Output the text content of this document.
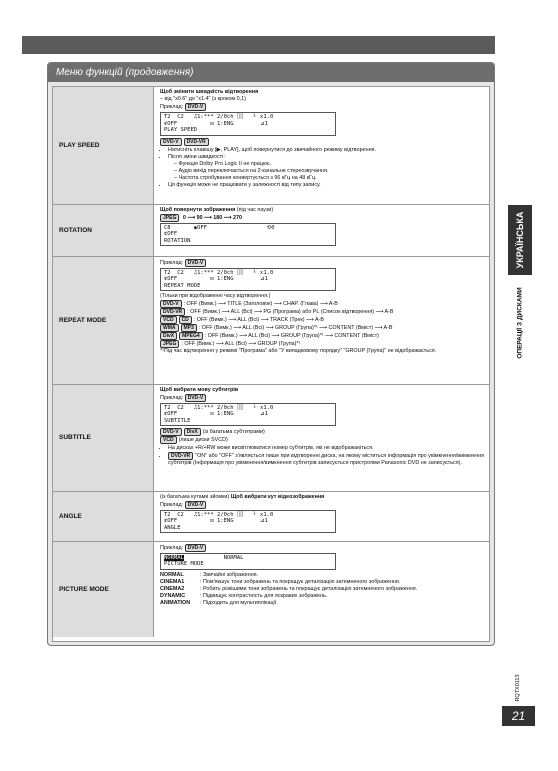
Меню функцій (продовження)
PLAY SPEED	
Щоб змінити швидкість відтворення
– від "x0.6" до "x1.4" (з кроком 0,1)
Приклад: DVD-V
T2  C2   ♫1:*** 2/0ch ⌷⌷   ⅟ x1.0
⊄OFF          ⊡ 1:ENG        ⊿1
PLAY SPEED
DVD-V DVD-VR
• Натисніть клавішу [▶, PLAY], щоб повернутися до звичайного режиму відтворення.
• Після зміни швидкості:
– Функція Dolby Pro Logic II не працює.
– Аудіо вихід переключається на 2-канальне стереозвучання.
– Частота стробування конвертується з 96 кГц на 48 кГц.
• Ця функція може не працювати у залежності від типу запису.

ROTATION	
Щоб повернути зображення (під час паузи)
JPEG 0 ⟶ 90 ⟶ 180 ⟶ 270
C8       ◉OFF                  ⟲0
⊄OFF
ROTATION

REPEAT MODE	
Приклад: DVD-V
T2  C2   ♫1:*** 2/0ch ⌷⌷   ⅟ x1.0
⊄OFF          ⊡ 1:ENG        ⊿1
REPEAT MODE
(Тільки при відображенні часу відтворення.)
DVD-V : OFF (Вимк.) ⟶ TITLE (Заголовок) ⟶ CHAP. (Глава) ⟶ A-B
DVD-VR : OFF (Вимк.) ⟶ ALL (Всі) ⟶ PG (Програма) або PL (Список відтворення) ⟶ A-B
VCD CD : OFF (Вимк.) ⟶ ALL (Всі) ⟶ TRACK (Трек) ⟶ A-B
WMA MP3 : OFF (Вимк.) ⟶ ALL (Всі) ⟶ GROUP (Група)*¹ ⟶ CONTENT (Вміст) ⟶ A-B
DivX MPEG4 : OFF (Вимк.) ⟶ ALL (Всі) ⟶ GROUP (Група)*¹ ⟶ CONTENT (Вміст)
JPEG : OFF (Вимк.) ⟶ ALL (Всі) ⟶ GROUP (Група)*¹
*¹Під час відтворення у режимі "Програма" або "У випадковому порядку" "GROUP (Група)" не відображається.

SUBTITLE	
Щоб вибрати мову субтитрів
Приклад: DVD-V
T2  C2   ♫1:*** 2/0ch ⌷⌷   ⅟ x1.0
⊄OFF          ⊡ 1:ENG        ⊿1
SUBTITLE
DVD-V DivX (із багатьма субтитрами)
VCD (лише диски SVCD)
• На дисках +R/+RW може висвітлюватися номер субтитрів, які не відображаються.
• DVD-VR "ON" або "OFF" з'являється лише при відтворенні диска, на якому міститься інформація про увімкнення/вимкнення субтитрів (Інформація про увімкнення/вимкнення субтитрів записується пристроями Panasonic DVD не записується).

ANGLE	
(із багатьма кутами зйомки) Щоб вибрати кут відеозображення
Приклад: DVD-V
T2  C2   ♫1:*** 2/0ch ⌷⌷   ⅟ x1.0
⊄OFF          ⊡ 1:ENG        ⊿1
ANGLE

PICTURE MODE	
Приклад: DVD-V
NORMAL	NORMAL
PICTURE MODE
NORMAL	: Звичайні зображення.
CINEMA1	: Пом'якшує тони зображень та покращує деталізацію затемненого зображення.
CINEMA2	: Робить різкішими тони зображень та покращує деталізацію затемненого зображення.
DYNAMIC	: Підвищує контрастність для яскравих зображень.
ANIMATION	: Підходить для мультиплікації.
УКРАЇНСЬКА
ОПЕРАЦІЇ З ДИСКАМИ
RQTX0113
21
